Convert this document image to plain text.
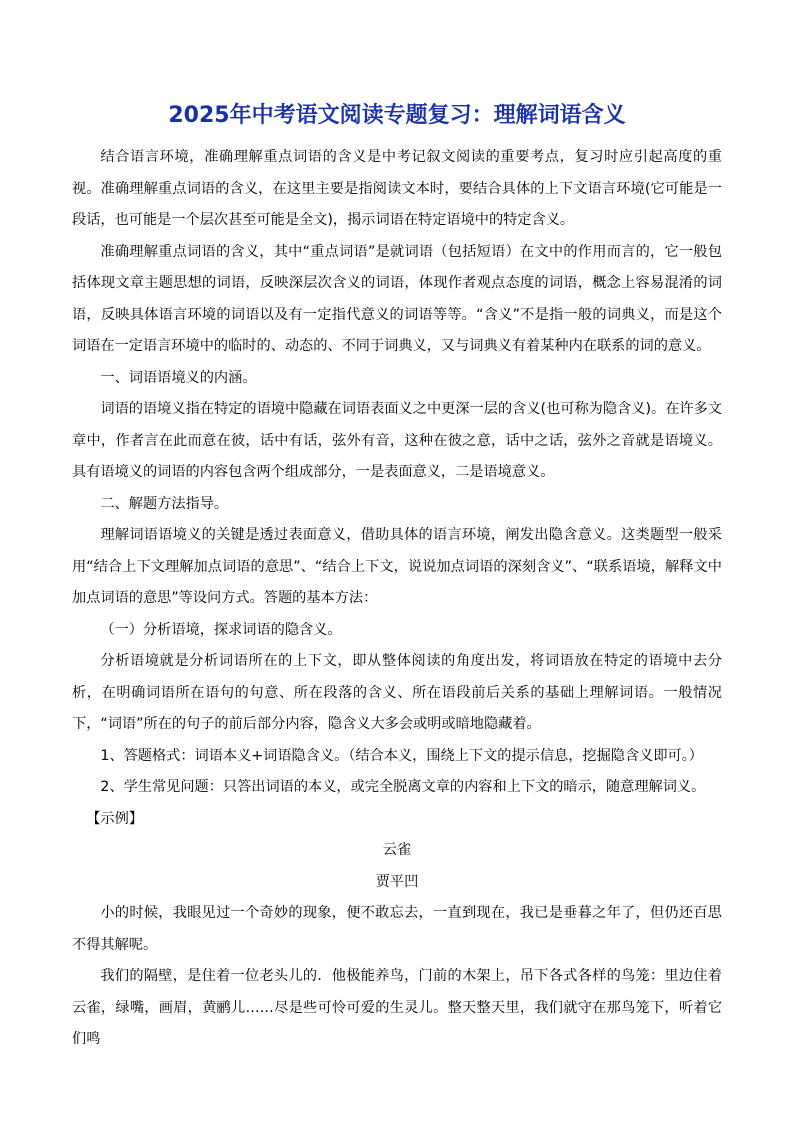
2025年中考语文阅读专题复习：理解词语含义

结合语言环境，准确理解重点词语的含义是中考记叙文阅读的重要考点，复习时应引起高度的重视。准确理解重点词语的含义，在这里主要是指阅读文本时，要结合具体的上下文语言环境(它可能是一段话，也可能是一个层次甚至可能是全文)，揭示词语在特定语境中的特定含义。

准确理解重点词语的含义，其中“重点词语”是就词语（包括短语）在文中的作用而言的，它一般包括体现文章主题思想的词语，反映深层次含义的词语，体现作者观点态度的词语，概念上容易混淆的词语，反映具体语言环境的词语以及有一定指代意义的词语等等。“含义”不是指一般的词典义，而是这个词语在一定语言环境中的临时的、动态的、不同于词典义，又与词典义有着某种内在联系的词的意义。

一、词语语境义的内涵。

词语的语境义指在特定的语境中隐藏在词语表面义之中更深一层的含义(也可称为隐含义)。在许多文章中，作者言在此而意在彼，话中有话，弦外有音，这种在彼之意，话中之话，弦外之音就是语境义。具有语境义的词语的内容包含两个组成部分，一是表面意义，二是语境意义。

二、解题方法指导。

理解词语语境义的关键是透过表面意义，借助具体的语言环境，阐发出隐含意义。这类题型一般采用“结合上下文理解加点词语的意思”、“结合上下文，说说加点词语的深刻含义”、“联系语境，解释文中加点词语的意思”等设问方式。答题的基本方法：

（一）分析语境，探求词语的隐含义。

分析语境就是分析词语所在的上下文，即从整体阅读的角度出发，将词语放在特定的语境中去分析，在明确词语所在语句的句意、所在段落的含义、所在语段前后关系的基础上理解词语。一般情况下，“词语”所在的句子的前后部分内容，隐含义大多会或明或暗地隐藏着。

1、答题格式：词语本义+词语隐含义。（结合本义，围绕上下文的提示信息，挖掘隐含义即可。）

2、学生常见问题：只答出词语的本义，或完全脱离文章的内容和上下文的暗示，随意理解词义。

【示例】

云雀

贾平凹

小的时候，我眼见过一个奇妙的现象，便不敢忘去，一直到现在，我已是垂暮之年了，但仍还百思不得其解呢。

我们的隔壁，是住着一位老头儿的．他极能养鸟，门前的木架上，吊下各式各样的鸟笼：里边住着云雀，绿嘴，画眉，黄鹂儿……尽是些可怜可爱的生灵儿。整天整天里，我们就守在那鸟笼下，听着它们鸣
